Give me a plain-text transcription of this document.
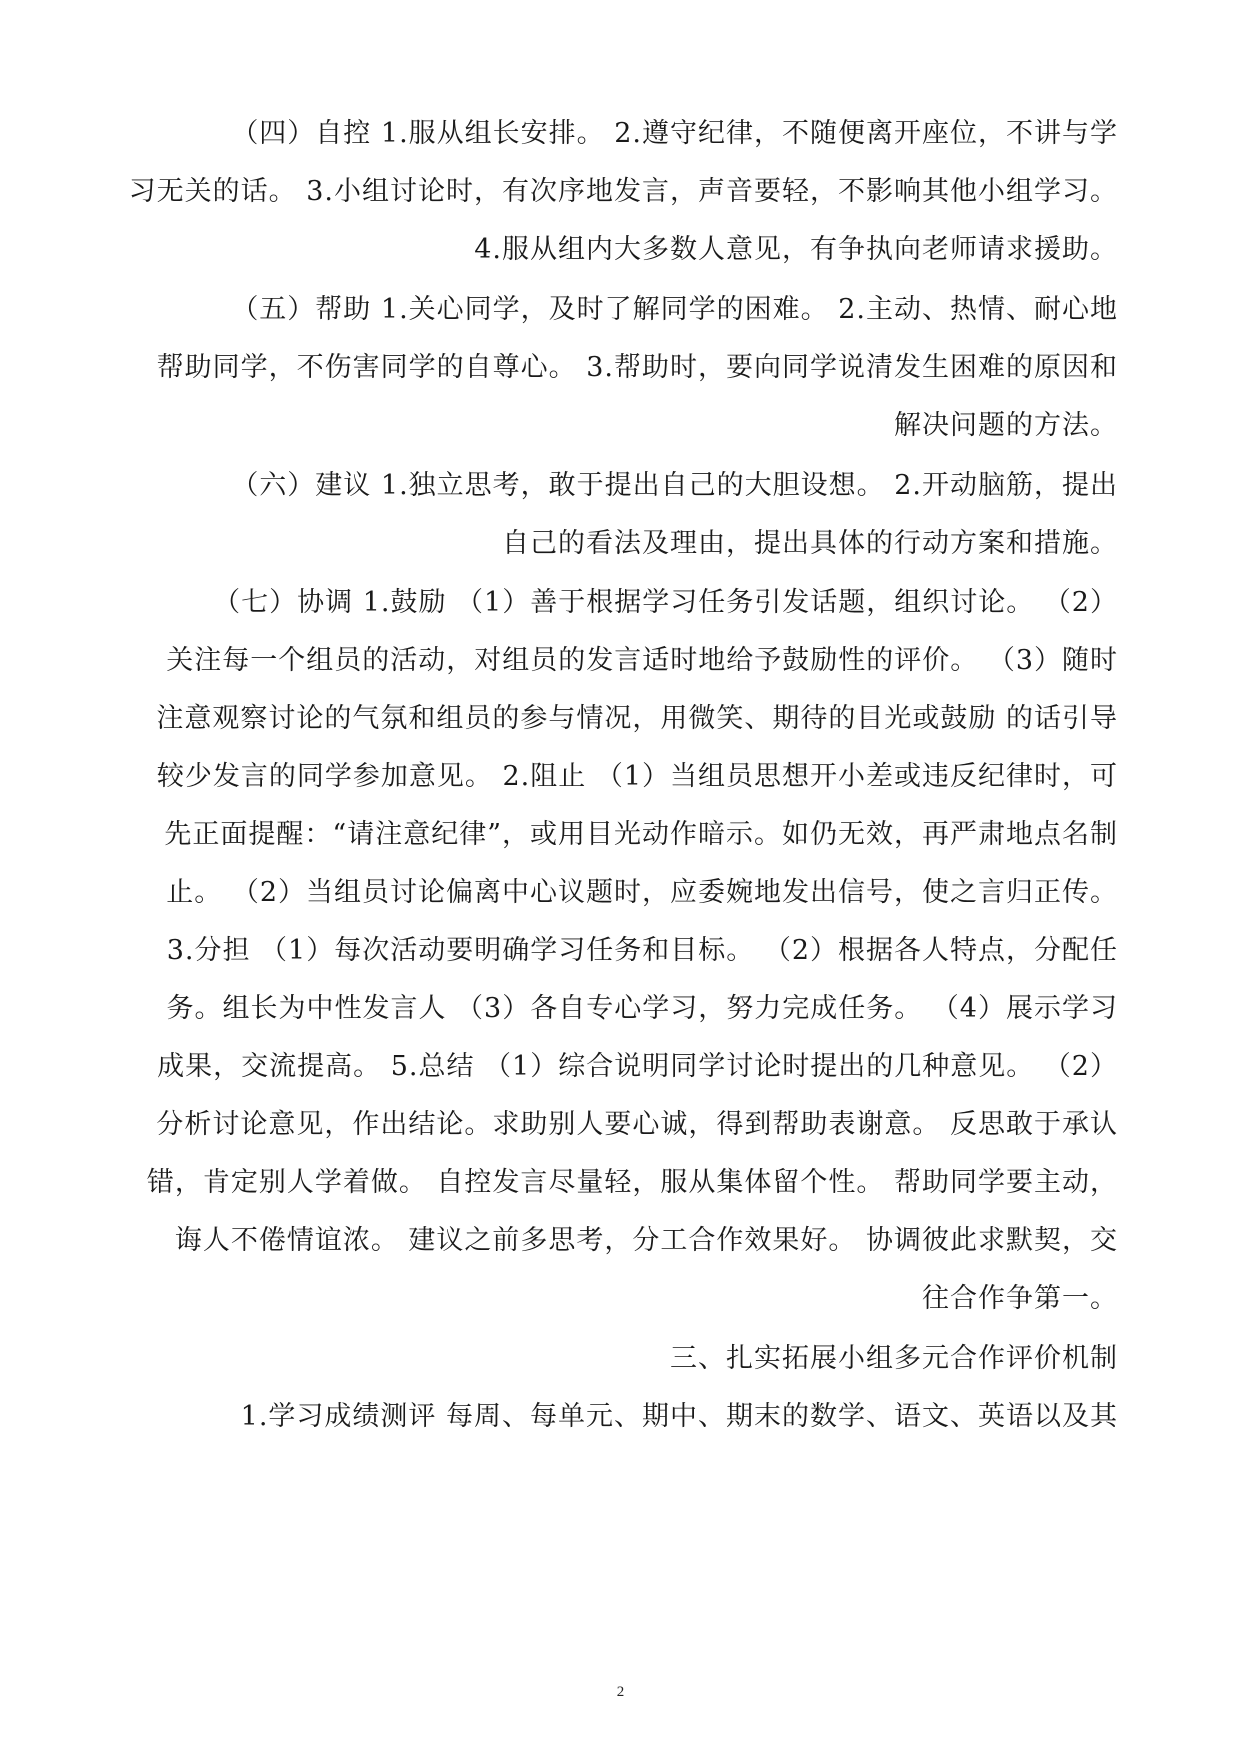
（四）自控 1.服从组长安排。 2.遵守纪律，不随便离开座位，不讲与学
习无关的话。 3.小组讨论时，有次序地发言，声音要轻，不影响其他小组学习。
4.服从组内大多数人意见，有争执向老师请求援助。
（五）帮助 1.关心同学，及时了解同学的困难。 2.主动、热情、耐心地
帮助同学，不伤害同学的自尊心。 3.帮助时，要向同学说清发生困难的原因和
解决问题的方法。
（六）建议 1.独立思考，敢于提出自己的大胆设想。 2.开动脑筋，提出
自己的看法及理由，提出具体的行动方案和措施。
（七）协调 1.鼓励 （1）善于根据学习任务引发话题，组织讨论。 （2）
关注每一个组员的活动，对组员的发言适时地给予鼓励性的评价。 （3）随时
注意观察讨论的气氛和组员的参与情况，用微笑、期待的目光或鼓励 的话引导
较少发言的同学参加意见。 2.阻止 （1）当组员思想开小差或违反纪律时，可
先正面提醒：“请注意纪律”，或用目光动作暗示。如仍无效，再严肃地点名制
止。 （2）当组员讨论偏离中心议题时，应委婉地发出信号，使之言归正传。
3.分担 （1）每次活动要明确学习任务和目标。 （2）根据各人特点，分配任
务。组长为中性发言人 （3）各自专心学习，努力完成任务。 （4）展示学习
成果，交流提高。 5.总结 （1）综合说明同学讨论时提出的几种意见。 （2）
分析讨论意见，作出结论。求助别人要心诚，得到帮助表谢意。 反思敢于承认
错，肯定别人学着做。 自控发言尽量轻，服从集体留个性。 帮助同学要主动，
诲人不倦情谊浓。 建议之前多思考，分工合作效果好。 协调彼此求默契，交
往合作争第一。
三、扎实拓展小组多元合作评价机制
1.学习成绩测评 每周、每单元、期中、期末的数学、语文、英语以及其
2
